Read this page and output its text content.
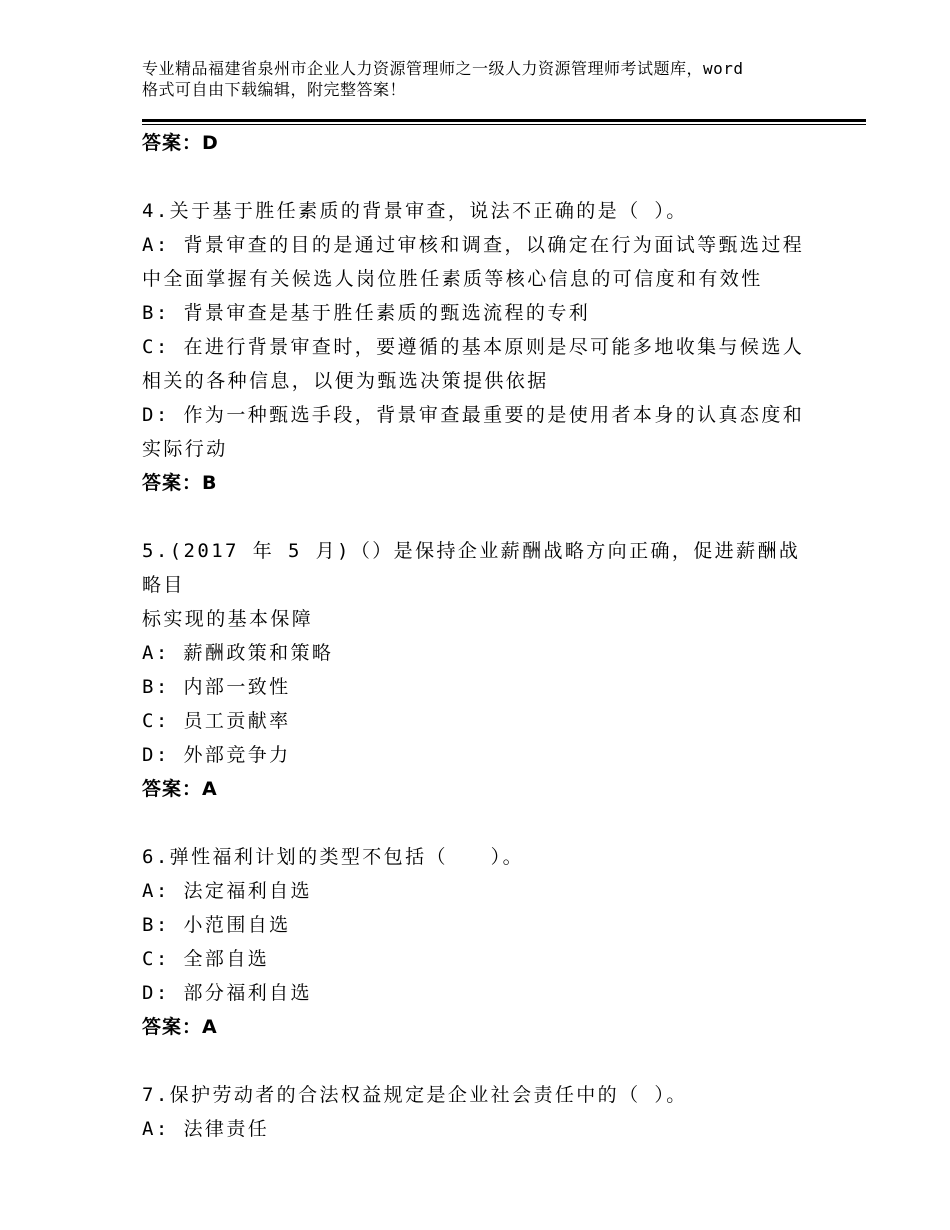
专业精品福建省泉州市企业人力资源管理师之一级人力资源管理师考试题库，word
格式可自由下载编辑，附完整答案！
答案：D
4.关于基于胜任素质的背景审查，说法不正确的是（ ）。
A: 背景审查的目的是通过审核和调查，以确定在行为面试等甄选过程
中全面掌握有关候选人岗位胜任素质等核心信息的可信度和有效性
B: 背景审查是基于胜任素质的甄选流程的专利
C: 在进行背景审查时，要遵循的基本原则是尽可能多地收集与候选人
相关的各种信息，以便为甄选决策提供依据
D: 作为一种甄选手段，背景审查最重要的是使用者本身的认真态度和
实际行动
答案：B
5.(2017 年 5 月)（）是保持企业薪酬战略方向正确，促进薪酬战略目
标实现的基本保障
A: 薪酬政策和策略
B: 内部一致性
C: 员工贡献率
D: 外部竞争力
答案：A
6.弹性福利计划的类型不包括（　　）。
A: 法定福利自选
B: 小范围自选
C: 全部自选
D: 部分福利自选
答案：A
7.保护劳动者的合法权益规定是企业社会责任中的（ ）。
A: 法律责任
